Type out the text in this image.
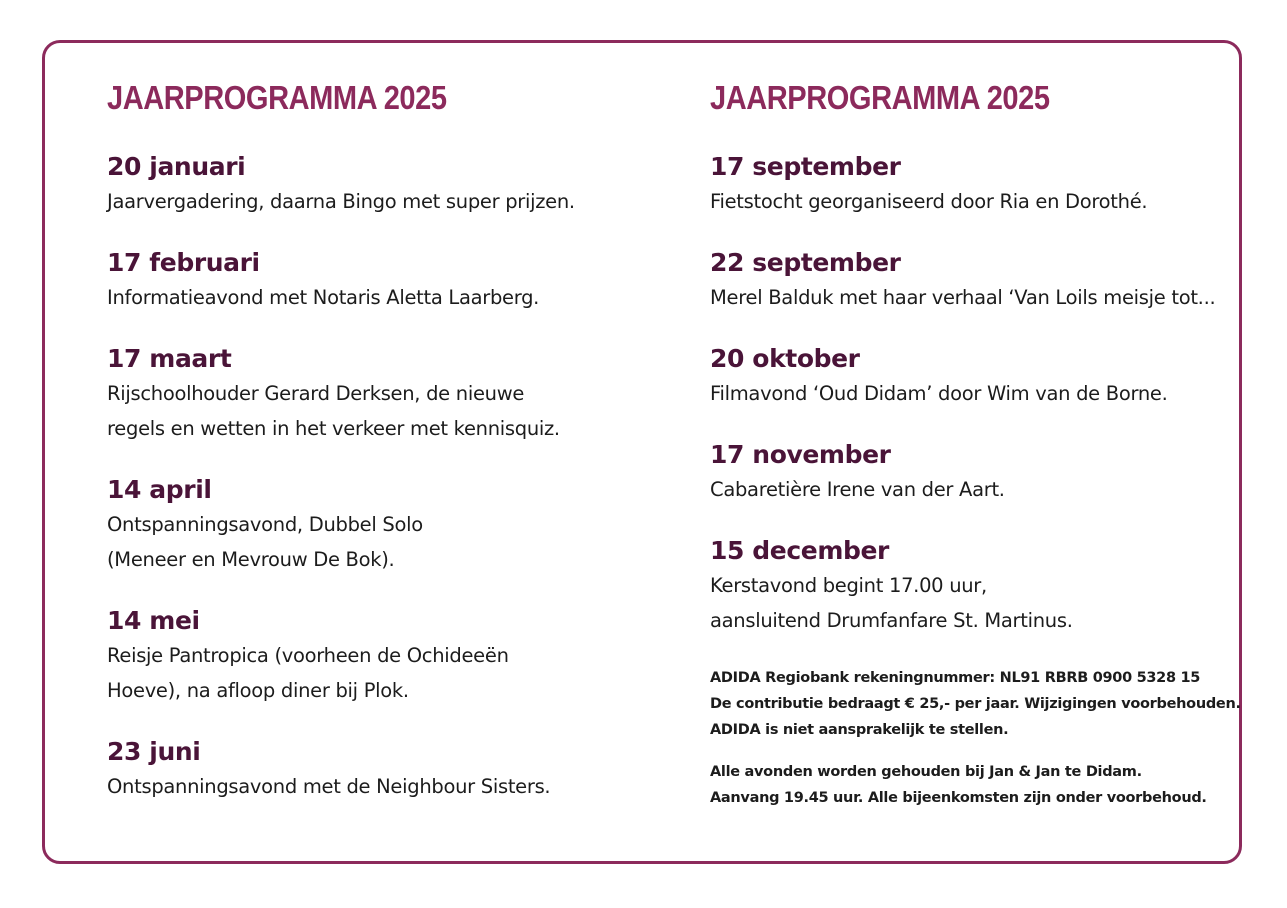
JAARPROGRAMMA 2025
20 januari
Jaarvergadering, daarna Bingo met super prijzen.
17 februari
Informatieavond met Notaris Aletta Laarberg.
17 maart
Rijschoolhouder Gerard Derksen, de nieuwe
regels en wetten in het verkeer met kennisquiz.
14 april
Ontspanningsavond, Dubbel Solo
(Meneer en Mevrouw De Bok).
14 mei
Reisje Pantropica (voorheen de Ochideeën
Hoeve), na afloop diner bij Plok.
23 juni
Ontspanningsavond met de Neighbour Sisters.
JAARPROGRAMMA 2025
17 september
Fietstocht georganiseerd door Ria en Dorothé.
22 september
Merel Balduk met haar verhaal ‘Van Loils meisje tot...
20 oktober
Filmavond ‘Oud Didam’ door Wim van de Borne.
17 november
Cabaretière Irene van der Aart.
15 december
Kerstavond begint 17.00 uur,
aansluitend Drumfanfare St. Martinus.
ADIDA Regiobank rekeningnummer: NL91 RBRB 0900 5328 15
De contributie bedraagt € 25,- per jaar. Wijzigingen voorbehouden.
ADIDA is niet aansprakelijk te stellen.
Alle avonden worden gehouden bij Jan & Jan te Didam.
Aanvang 19.45 uur. Alle bijeenkomsten zijn onder voorbehoud.
